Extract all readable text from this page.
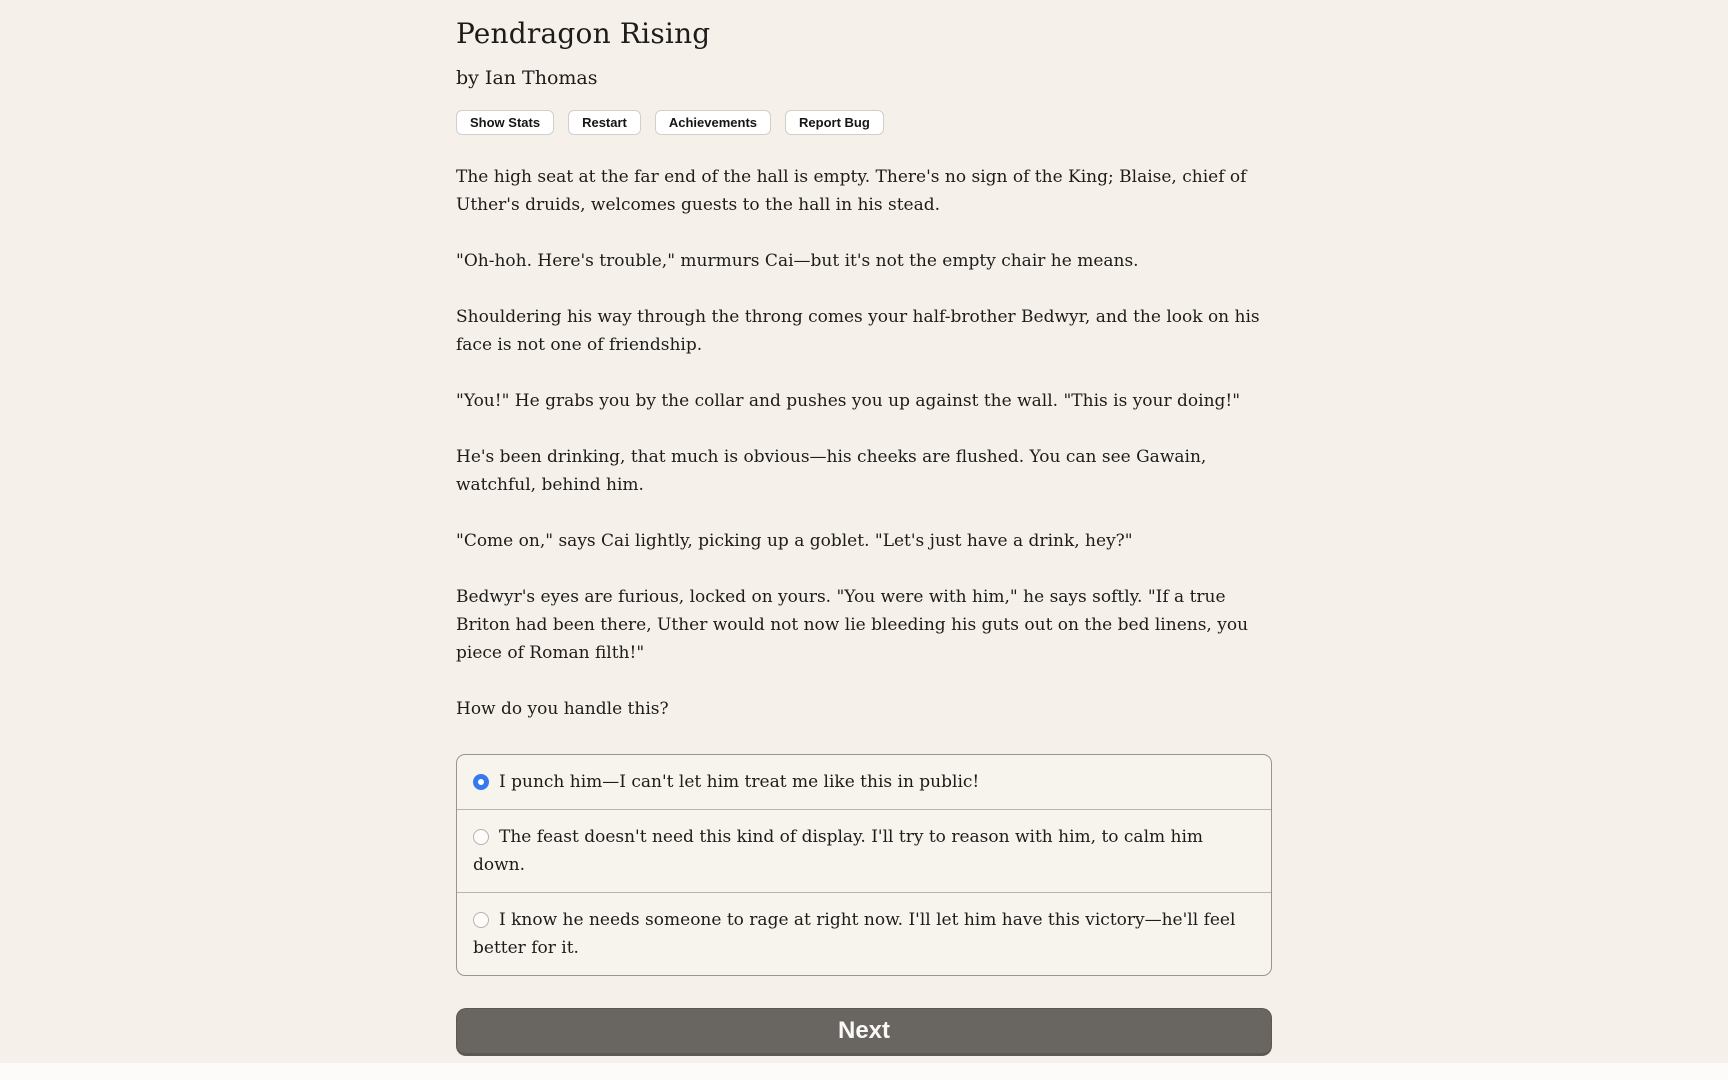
Pendragon Rising
by Ian Thomas
Show Stats	Restart	Achievements	Report Bug

The high seat at the far end of the hall is empty. There's no sign of the King; Blaise, chief of Uther's druids, welcomes guests to the hall in his stead.

"Oh-hoh. Here's trouble," murmurs Cai—but it's not the empty chair he means.

Shouldering his way through the throng comes your half-brother Bedwyr, and the look on his face is not one of friendship.

"You!" He grabs you by the collar and pushes you up against the wall. "This is your doing!"

He's been drinking, that much is obvious—his cheeks are flushed. You can see Gawain, watchful, behind him.

"Come on," says Cai lightly, picking up a goblet. "Let's just have a drink, hey?"

Bedwyr's eyes are furious, locked on yours. "You were with him," he says softly. "If a true Briton had been there, Uther would not now lie bleeding his guts out on the bed linens, you piece of Roman filth!"

How do you handle this?

I punch him—I can't let him treat me like this in public!
The feast doesn't need this kind of display. I'll try to reason with him, to calm him down.
I know he needs someone to rage at right now. I'll let him have this victory—he'll feel better for it.
Next
